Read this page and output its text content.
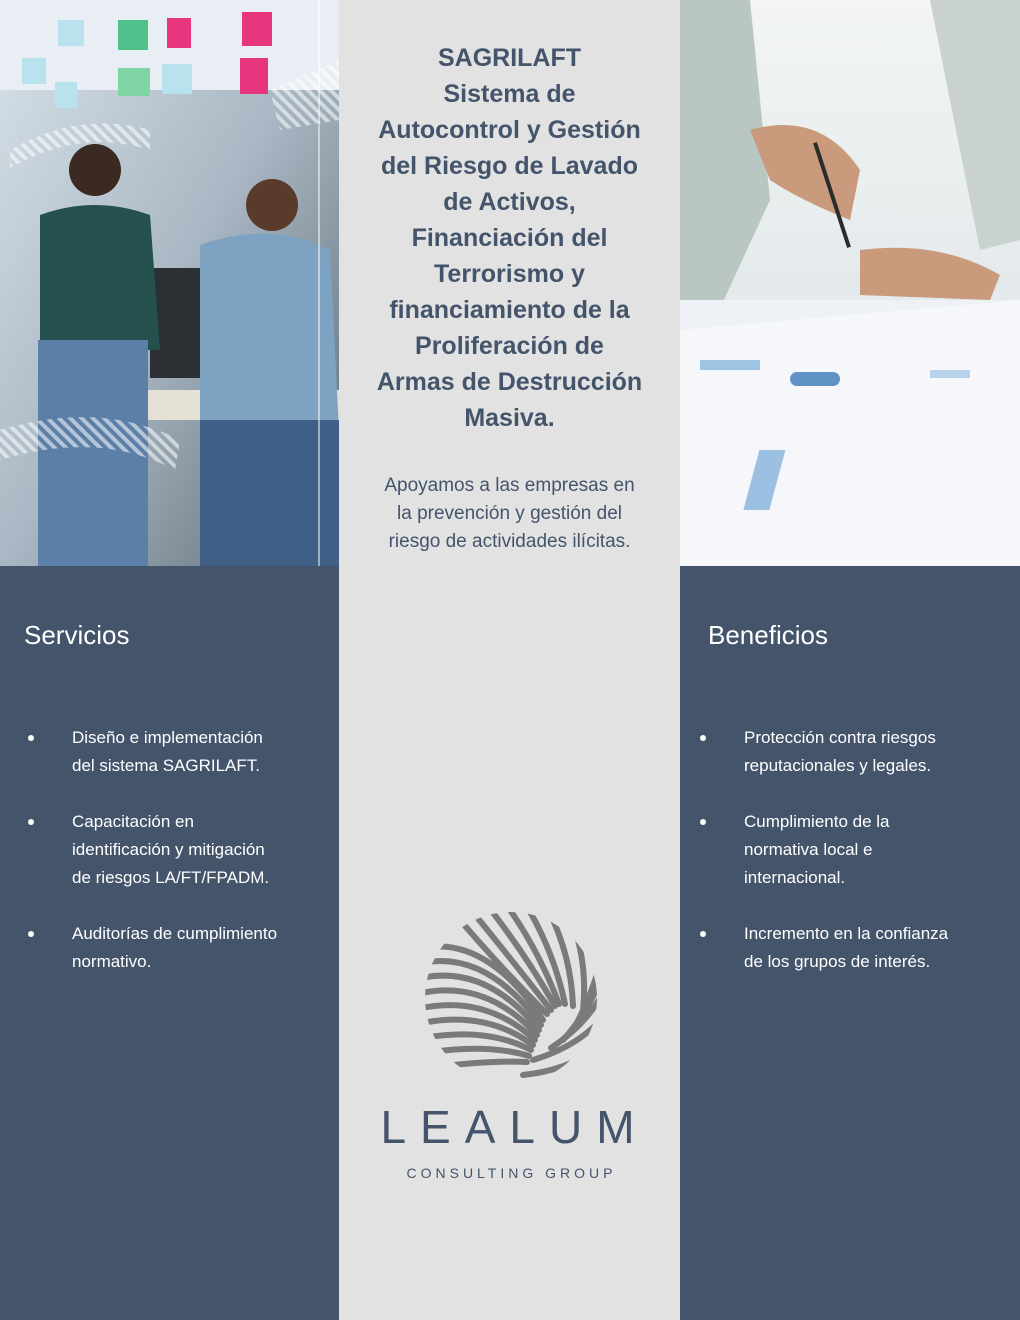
Servicios
Diseño e implementación
del sistema SAGRILAFT.
Capacitación en
identificación y mitigación
de riesgos LA/FT/FPADM.
Auditorías de cumplimiento
normativo.
SAGRILAFT
Sistema de
Autocontrol y Gestión
del Riesgo de Lavado
de Activos,
Financiación del
Terrorismo y
financiamiento de la
Proliferación de
Armas de Destrucción
Masiva.

Apoyamos a las empresas en
la prevención y gestión del
riesgo de actividades ilícitas.

LEALUM
CONSULTING GROUP
Beneficios
Protección contra riesgos
reputacionales y legales.
Cumplimiento de la
normativa local e
internacional.
Incremento en la confianza
de los grupos de interés.
